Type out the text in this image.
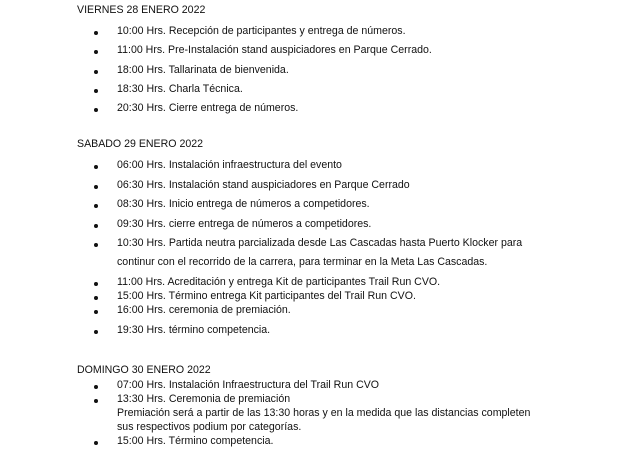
VIERNES 28 ENERO 2022
10:00 Hrs. Recepción de participantes y entrega de números.
11:00 Hrs. Pre-Instalación stand auspiciadores en Parque Cerrado.
18:00 Hrs. Tallarinata de bienvenida.
18:30 Hrs. Charla Técnica.
20:30 Hrs. Cierre entrega de números.
SABADO 29 ENERO 2022
06:00 Hrs. Instalación infraestructura del evento
06:30 Hrs. Instalación stand auspiciadores en Parque Cerrado
08:30 Hrs. Inicio entrega de números a competidores.
09:30 Hrs. cierre entrega de números a competidores.
10:30 Hrs. Partida neutra parcializada desde Las Cascadas hasta Puerto Klocker para
continur con el recorrido de la carrera, para terminar en la Meta Las Cascadas.
11:00 Hrs. Acreditación y entrega Kit de participantes Trail Run CVO.
15:00 Hrs. Término entrega Kit participantes del Trail Run CVO.
16:00 Hrs. ceremonia de premiación.
19:30 Hrs. término competencia.
DOMINGO 30 ENERO 2022
07:00 Hrs. Instalación Infraestructura del Trail Run CVO
13:30 Hrs. Ceremonia de premiación
Premiación será a partir de las 13:30 horas y en la medida que las distancias completen
sus respectivos podium por categorías.
15:00 Hrs. Término competencia.
